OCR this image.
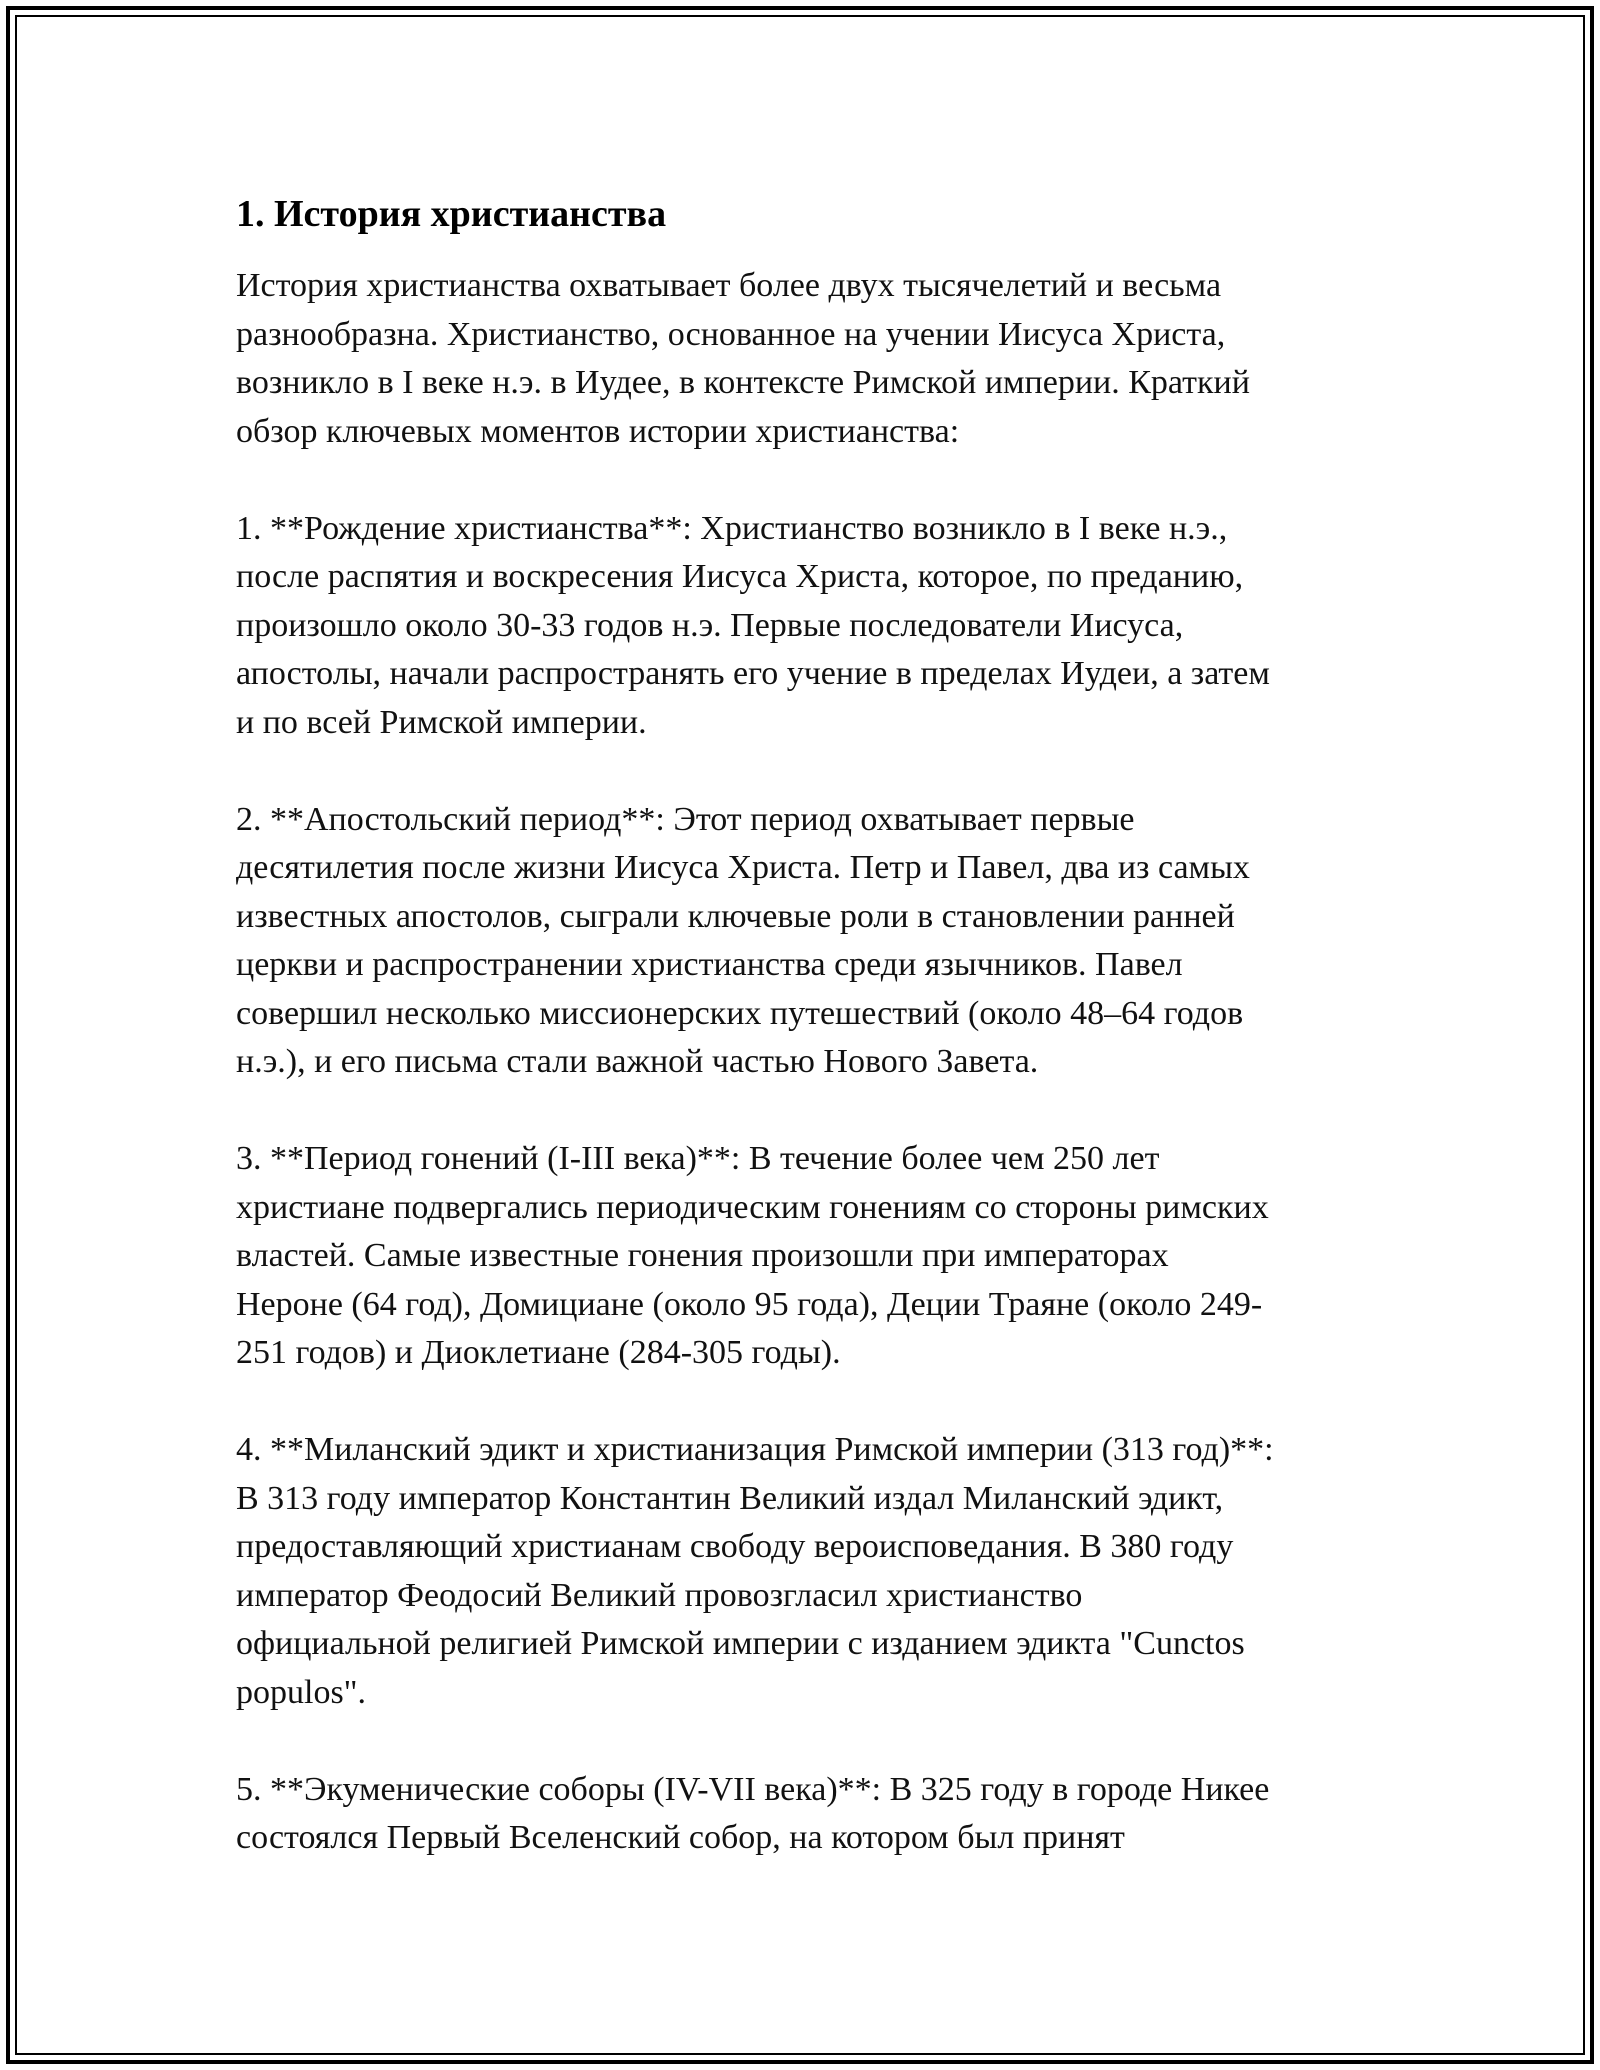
1. История христианства

История христианства охватывает более двух тысячелетий и весьма
разнообразна. Христианство, основанное на учении Иисуса Христа,
возникло в I веке н.э. в Иудее, в контексте Римской империи. Краткий
обзор ключевых моментов истории христианства:

1. **Рождение христианства**: Христианство возникло в I веке н.э.,
после распятия и воскресения Иисуса Христа, которое, по преданию,
произошло около 30-33 годов н.э. Первые последователи Иисуса,
апостолы, начали распространять его учение в пределах Иудеи, а затем
и по всей Римской империи.

2. **Апостольский период**: Этот период охватывает первые
десятилетия после жизни Иисуса Христа. Петр и Павел, два из самых
известных апостолов, сыграли ключевые роли в становлении ранней
церкви и распространении христианства среди язычников. Павел
совершил несколько миссионерских путешествий (около 48–64 годов
н.э.), и его письма стали важной частью Нового Завета.

3. **Период гонений (I-III века)**: В течение более чем 250 лет
христиане подвергались периодическим гонениям со стороны римских
властей. Самые известные гонения произошли при императорах
Нероне (64 год), Домициане (около 95 года), Деции Траяне (около 249-
251 годов) и Диоклетиане (284-305 годы).

4. **Миланский эдикт и христианизация Римской империи (313 год)**:
В 313 году император Константин Великий издал Миланский эдикт,
предоставляющий христианам свободу вероисповедания. В 380 году
император Феодосий Великий провозгласил христианство
официальной религией Римской империи с изданием эдикта "Cunctos
populos".

5. **Экуменические соборы (IV-VII века)**: В 325 году в городе Никее
состоялся Первый Вселенский собор, на котором был принят
